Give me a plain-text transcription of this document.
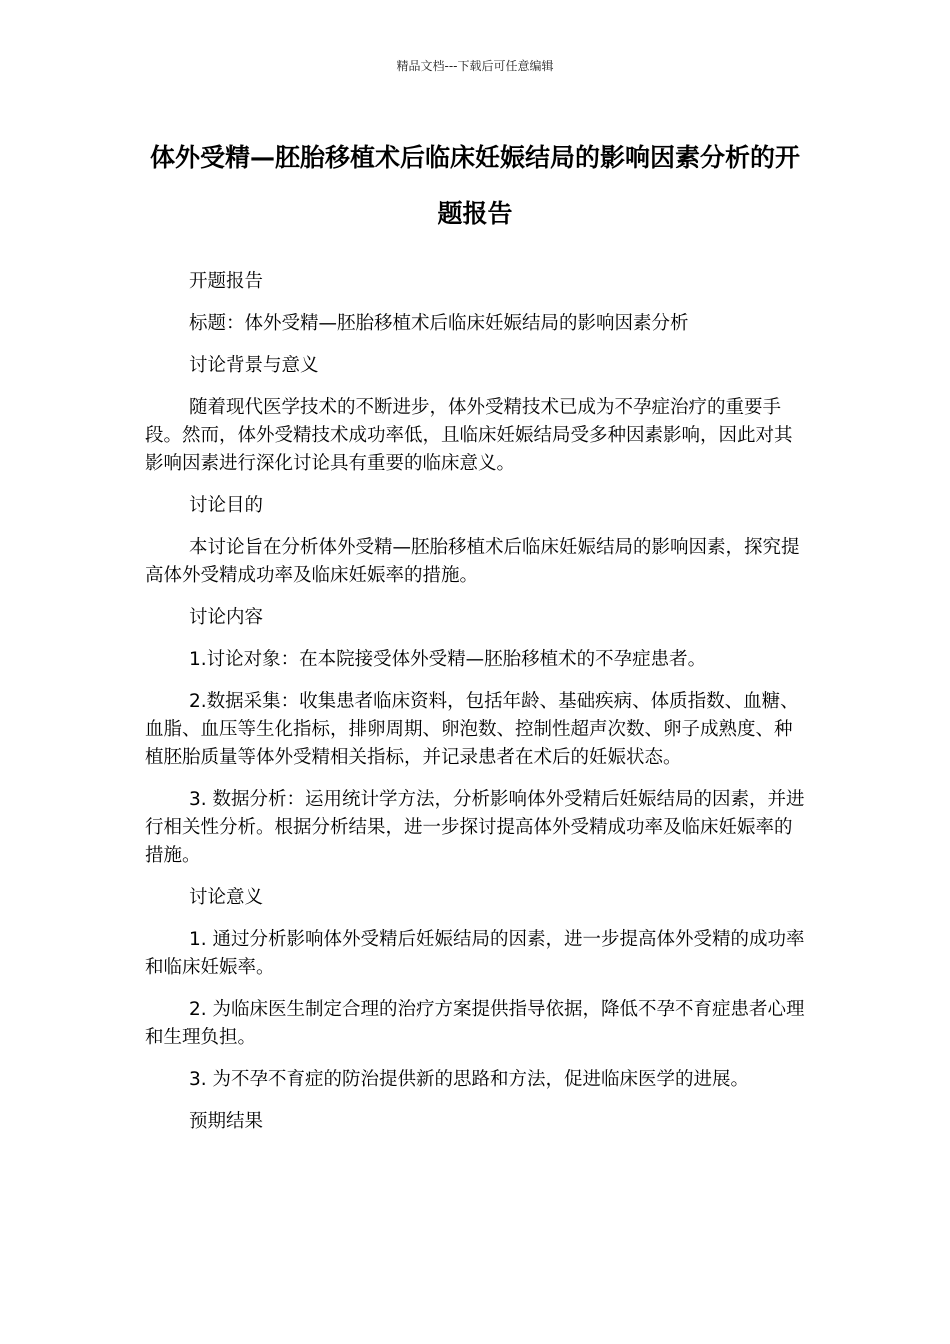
精品文档---下载后可任意编辑
体外受精—胚胎移植术后临床妊娠结局的影响因素分析的开题报告

开题报告

标题：体外受精—胚胎移植术后临床妊娠结局的影响因素分析

讨论背景与意义

随着现代医学技术的不断进步，体外受精技术已成为不孕症治疗的重要手段。然而，体外受精技术成功率低，且临床妊娠结局受多种因素影响，因此对其影响因素进行深化讨论具有重要的临床意义。

讨论目的

本讨论旨在分析体外受精—胚胎移植术后临床妊娠结局的影响因素，探究提高体外受精成功率及临床妊娠率的措施。

讨论内容

1.讨论对象：在本院接受体外受精—胚胎移植术的不孕症患者。

2.数据采集：收集患者临床资料，包括年龄、基础疾病、体质指数、血糖、血脂、血压等生化指标，排卵周期、卵泡数、控制性超声次数、卵子成熟度、种植胚胎质量等体外受精相关指标，并记录患者在术后的妊娠状态。

3. 数据分析：运用统计学方法，分析影响体外受精后妊娠结局的因素，并进行相关性分析。根据分析结果，进一步探讨提高体外受精成功率及临床妊娠率的措施。

讨论意义

1. 通过分析影响体外受精后妊娠结局的因素，进一步提高体外受精的成功率和临床妊娠率。

2. 为临床医生制定合理的治疗方案提供指导依据，降低不孕不育症患者心理和生理负担。

3. 为不孕不育症的防治提供新的思路和方法，促进临床医学的进展。

预期结果
